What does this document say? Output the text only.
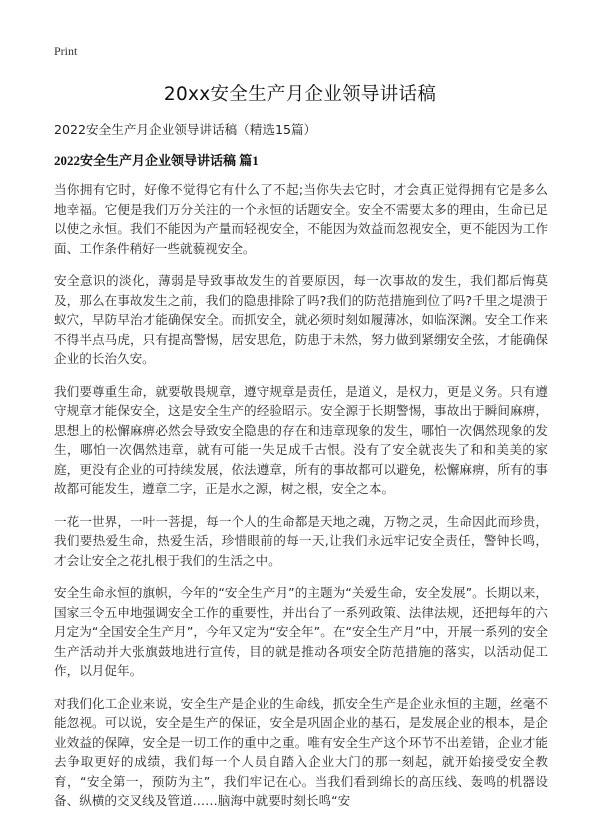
Print
20xx安全生产月企业领导讲话稿

2022安全生产月企业领导讲话稿（精选15篇）

2022安全生产月企业领导讲话稿 篇1

当你拥有它时，好像不觉得它有什么了不起;当你失去它时，才会真正觉得拥有它是多么地幸福。它便是我们万分关注的一个永恒的话题安全。安全不需要太多的理由，生命已足以使之永恒。我们不能因为产量而轻视安全，不能因为效益而忽视安全，更不能因为工作面、工作条件稍好一些就藐视安全。

安全意识的淡化，薄弱是导致事故发生的首要原因，每一次事故的发生，我们都后悔莫及，那么在事故发生之前，我们的隐患排除了吗?我们的防范措施到位了吗?千里之堤溃于蚁穴，早防早治才能确保安全。而抓安全，就必须时刻如履薄冰，如临深渊。安全工作来不得半点马虎，只有提高警惕，居安思危，防患于未然，努力做到紧绷安全弦，才能确保企业的长治久安。

我们要尊重生命，就要敬畏规章，遵守规章是责任，是道义，是权力，更是义务。只有遵守规章才能保安全，这是安全生产的经验昭示。安全源于长期警惕，事故出于瞬间麻痹，思想上的松懈麻痹必然会导致安全隐患的存在和违章现象的发生，哪怕一次偶然现象的发生，哪怕一次偶然违章，就有可能一失足成千古恨。没有了安全就丧失了和和美美的家庭，更没有企业的可持续发展，依法遵章，所有的事故都可以避免，松懈麻痹，所有的事故都可能发生，遵章二字，正是水之源，树之根，安全之本。

一花一世界，一叶一菩提，每一个人的生命都是天地之魂，万物之灵，生命因此而珍贵，我们要热爱生命，热爱生活，珍惜眼前的每一天,让我们永远牢记安全责任，警钟长鸣，才会让安全之花扎根于我们的生活之中。

安全生命永恒的旗帜，今年的“安全生产月”的主题为“关爱生命，安全发展”。长期以来，国家三令五申地强调安全工作的重要性，并出台了一系列政策、法律法规，还把每年的六月定为“全国安全生产月”，今年又定为“安全年”。在“安全生产月”中，开展一系列的安全生产活动并大张旗鼓地进行宣传，目的就是推动各项安全防范措施的落实，以活动促工作，以月促年。

对我们化工企业来说，安全生产是企业的生命线，抓安全生产是企业永恒的主题，丝毫不能忽视。可以说，安全是生产的保证，安全是巩固企业的基石，是发展企业的根本，是企业效益的保障，安全是一切工作的重中之重。唯有安全生产这个环节不出差错，企业才能去争取更好的成绩，我们每一个人员自踏入企业大门的那一刻起，就开始接受安全教育，“安全第一，预防为主”，我们牢记在心。当我们看到绵长的高压线、轰鸣的机器设备、纵横的交叉线及管道……脑海中就要时刻长鸣“安
